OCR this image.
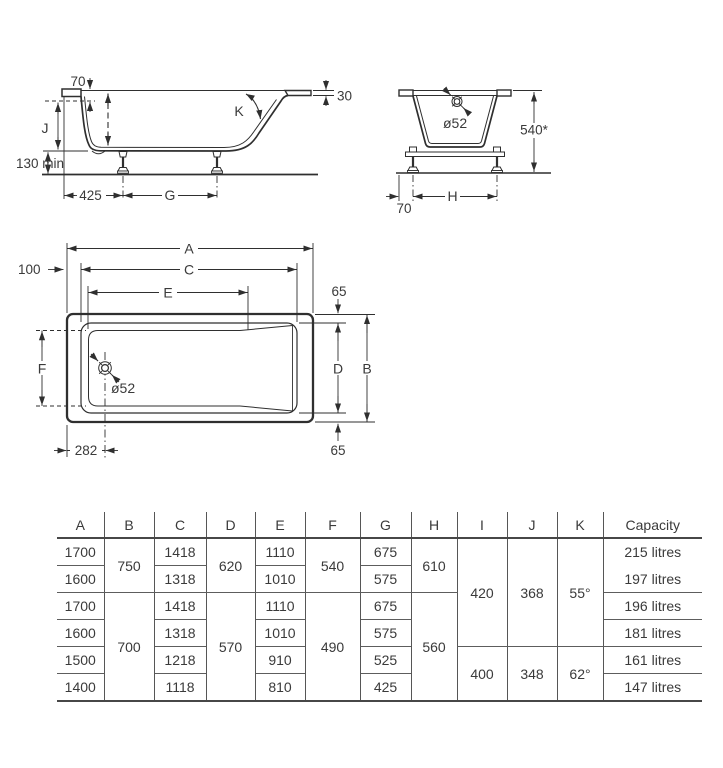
70
30
K
J
130 min
425	G
ø52	540*
H
70
A
C
E
100
65
F	D B
ø52
282	65
A	B	C	D	E	F	G	H	I	J	K	Capacity
1700	750	1418	620	1110	540	675	610	420	368	55°	215 litres
1600		1318		1010		575					197 litres
1700	700	1418	570	1110	490	675	560				196 litres
1600		1318		1010		575					181 litres
1500		1218		910		525		400	348	62°	161 litres
1400		1118		810		425					147 litres
